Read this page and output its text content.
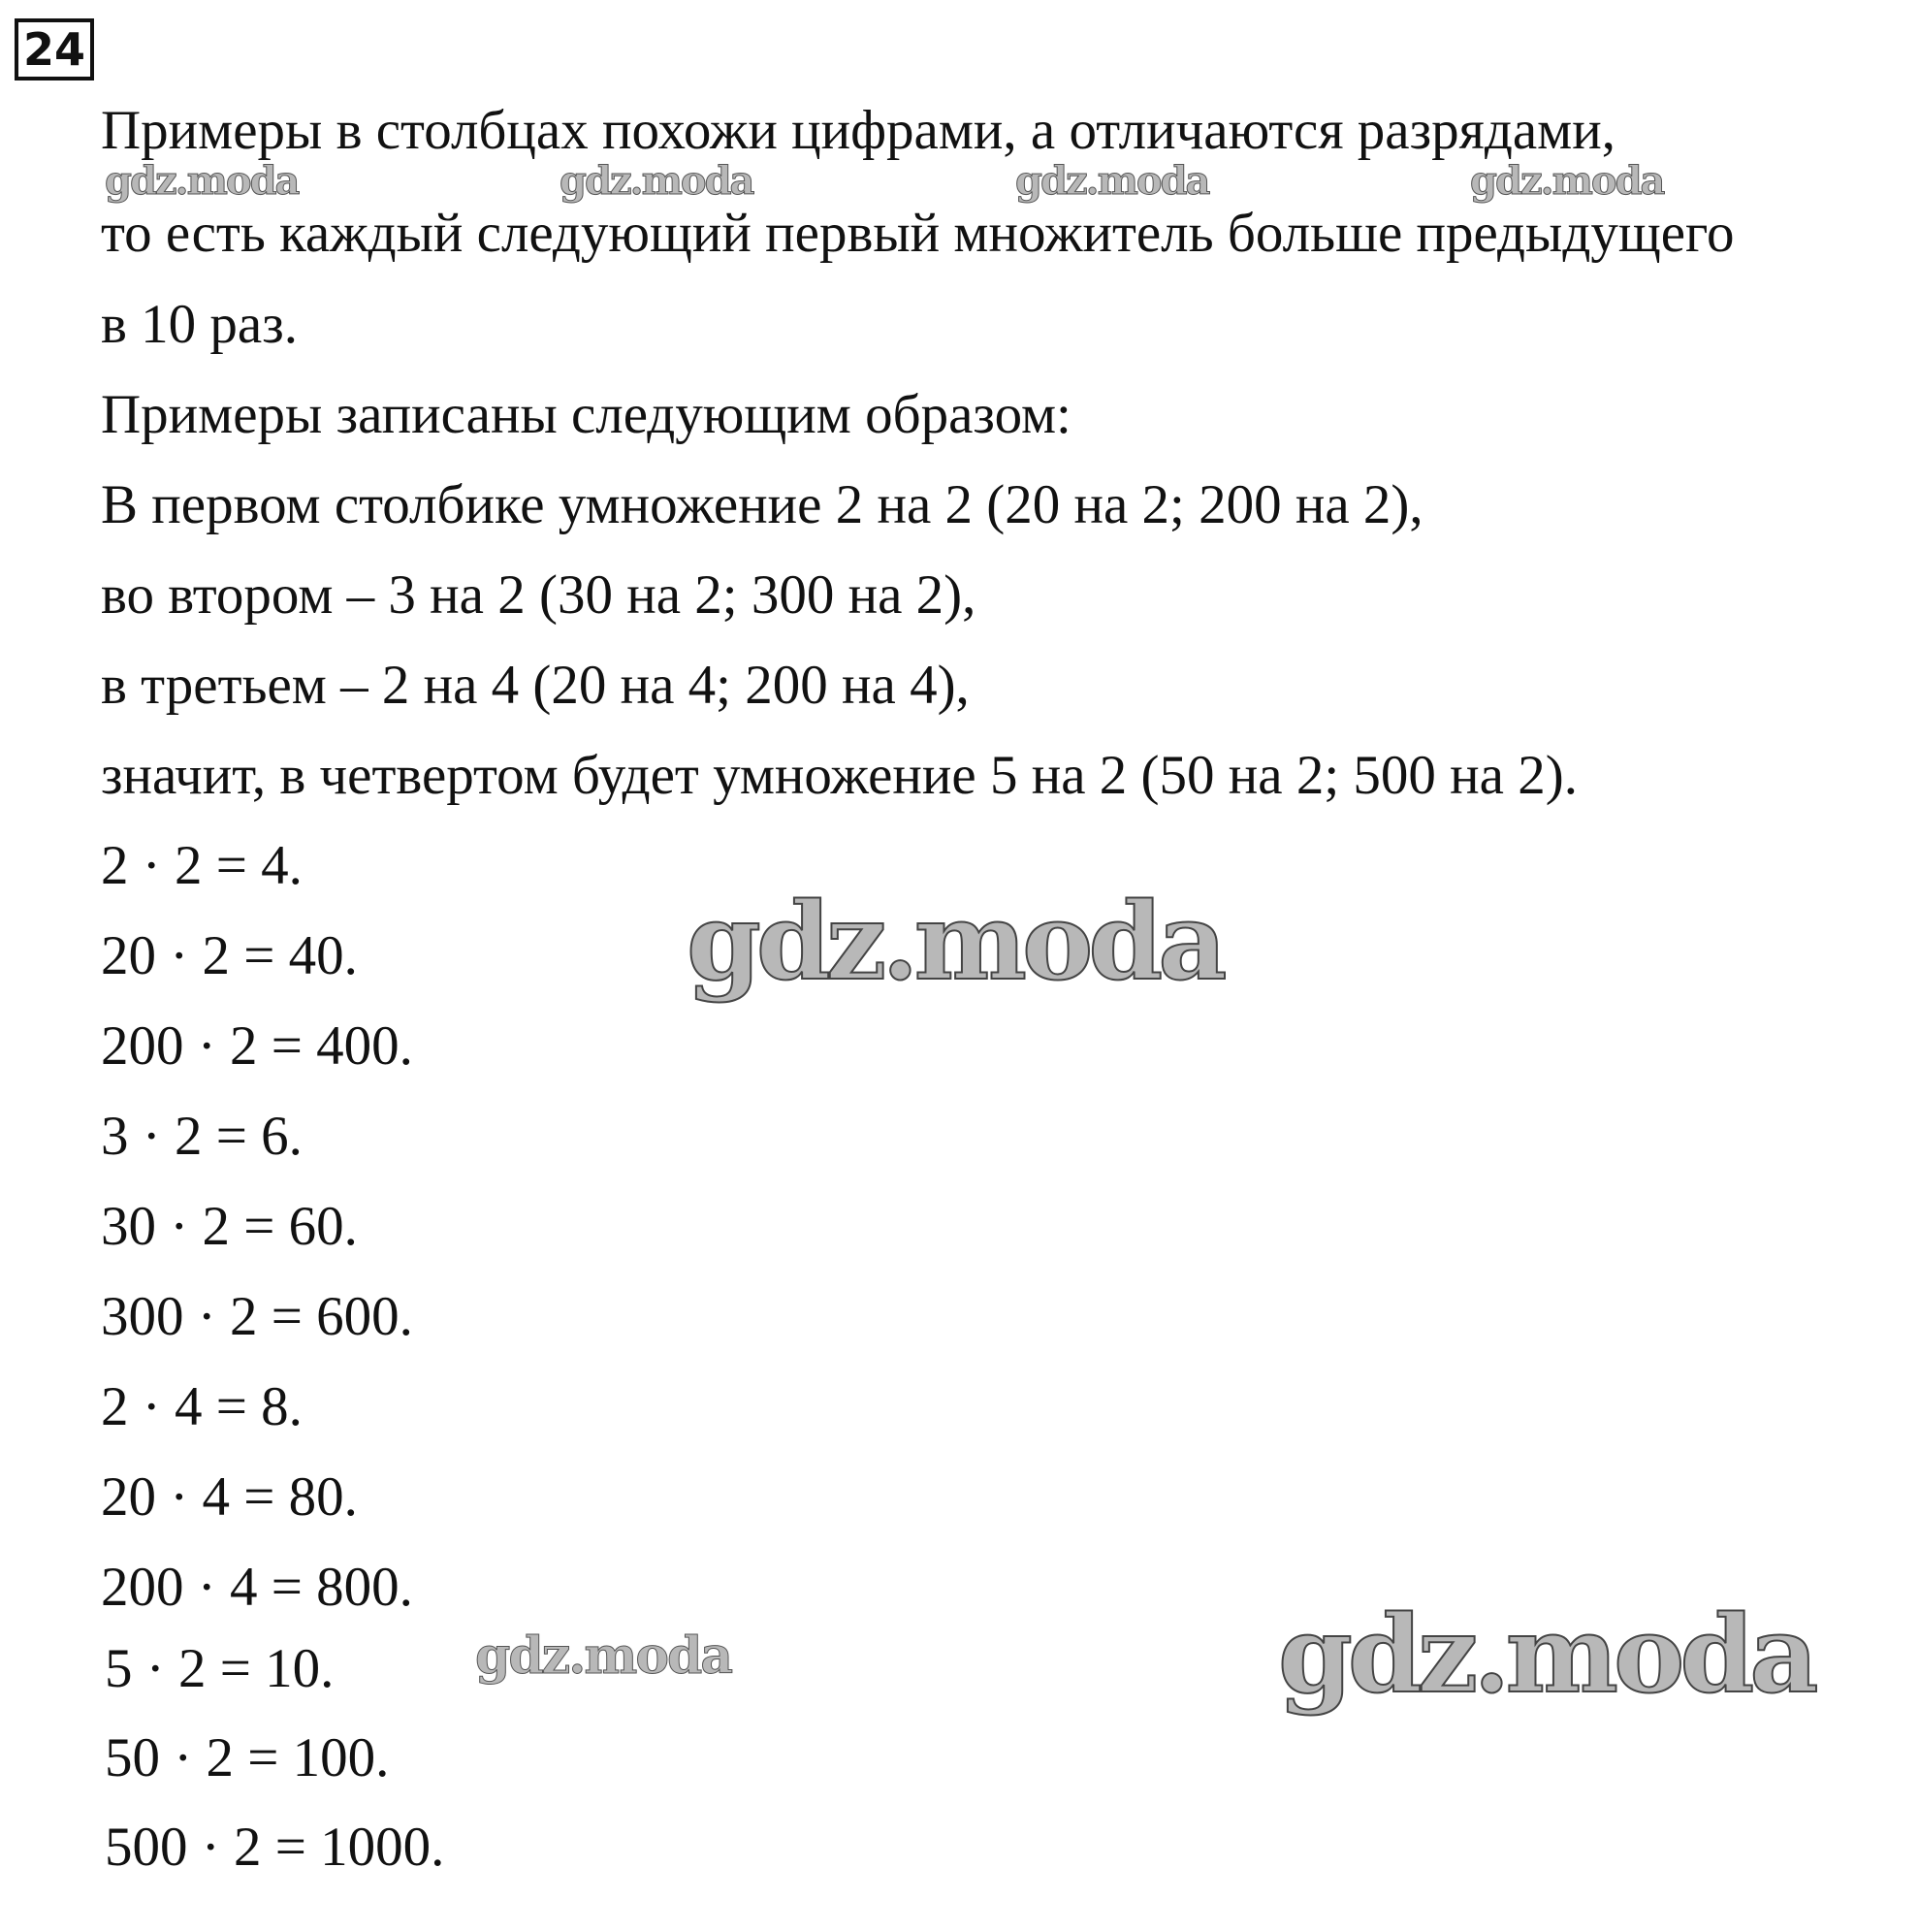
24
Примеры в столбцах похожи цифрами, а отличаются разрядами,
то есть каждый следующий первый множитель больше предыдущего
в 10 раз.
Примеры записаны следующим образом:
В первом столбике умножение 2 на 2 (20 на 2; 200 на 2),
во втором – 3 на 2 (30 на 2; 300 на 2),
в третьем – 2 на 4 (20 на 4; 200 на 4),
значит, в четвертом будет умножение 5 на 2 (50 на 2; 500 на 2).
2 · 2 = 4.
20 · 2 = 40.
200 · 2 = 400.
3 · 2 = 6.
30 · 2 = 60.
300 · 2 = 600.
2 · 4 = 8.
20 · 4 = 80.
200 · 4 = 800.
5 · 2 = 10.
50 · 2 = 100.
500 · 2 = 1000.
gdz.moda	gdz.moda	gdz.moda	gdz.moda
gdz.moda
gdz.moda	gdz.moda
